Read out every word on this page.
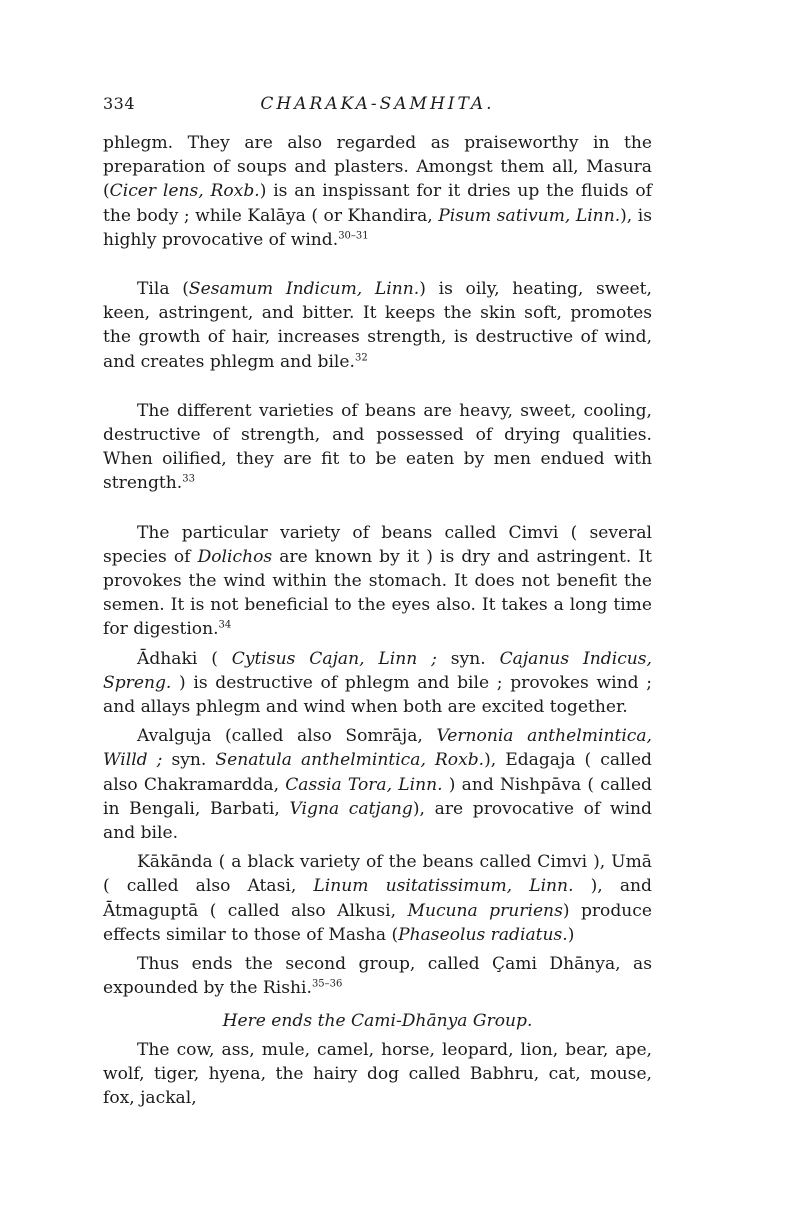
334	CHARAKA-SAMHITA.

phlegm. They are also regarded as praiseworthy in the preparation of soups and plasters. Amongst them all, Masura (Cicer lens, Roxb.) is an inspissant for it dries up the fluids of the body ; while Kalāya ( or Khandira, Pisum sativum, Linn.), is highly provocative of wind.$^{30-31}$

Tila (Sesamum Indicum, Linn.) is oily, heating, sweet, keen, astringent, and bitter. It keeps the skin soft, promotes the growth of hair, increases strength, is destructive of wind, and creates phlegm and bile.$^{32}$

The different varieties of beans are heavy, sweet, cooling, destructive of strength, and possessed of drying qualities. When oilified, they are fit to be eaten by men endued with strength.$^{33}$

The particular variety of beans called Cimvi ( several species of Dolichos are known by it ) is dry and astringent. It provokes the wind within the stomach. It does not benefit the semen. It is not beneficial to the eyes also. It takes a long time for digestion.$^{34}$

Ādhaki ( Cytisus Cajan, Linn ; syn. Cajanus Indicus, Spreng. ) is destructive of phlegm and bile ; provokes wind ; and allays phlegm and wind when both are excited together.

Avalguja (called also Somrāja, Vernonia anthelmintica, Willd ; syn. Senatula anthelmintica, Roxb.), Edagaja ( called also Chakramardda, Cassia Tora, Linn. ) and Nishpāva ( called in Bengali, Barbati, Vigna catjang), are provocative of wind and bile.

Kākānda ( a black variety of the beans called Cimvi ), Umā ( called also Atasi, Linum usitatissimum, Linn. ), and Ātmaguptā ( called also Alkusi, Mucuna pruriens) produce effects similar to those of Masha (Phaseolus radiatus.)

Thus ends the second group, called Çami Dhānya, as expounded by the Rishi.$^{35-36}$

Here ends the Cami-Dhānya Group.

The cow, ass, mule, camel, horse, leopard, lion, bear, ape, wolf, tiger, hyena, the hairy dog called Babhru, cat, mouse, fox, jackal,
